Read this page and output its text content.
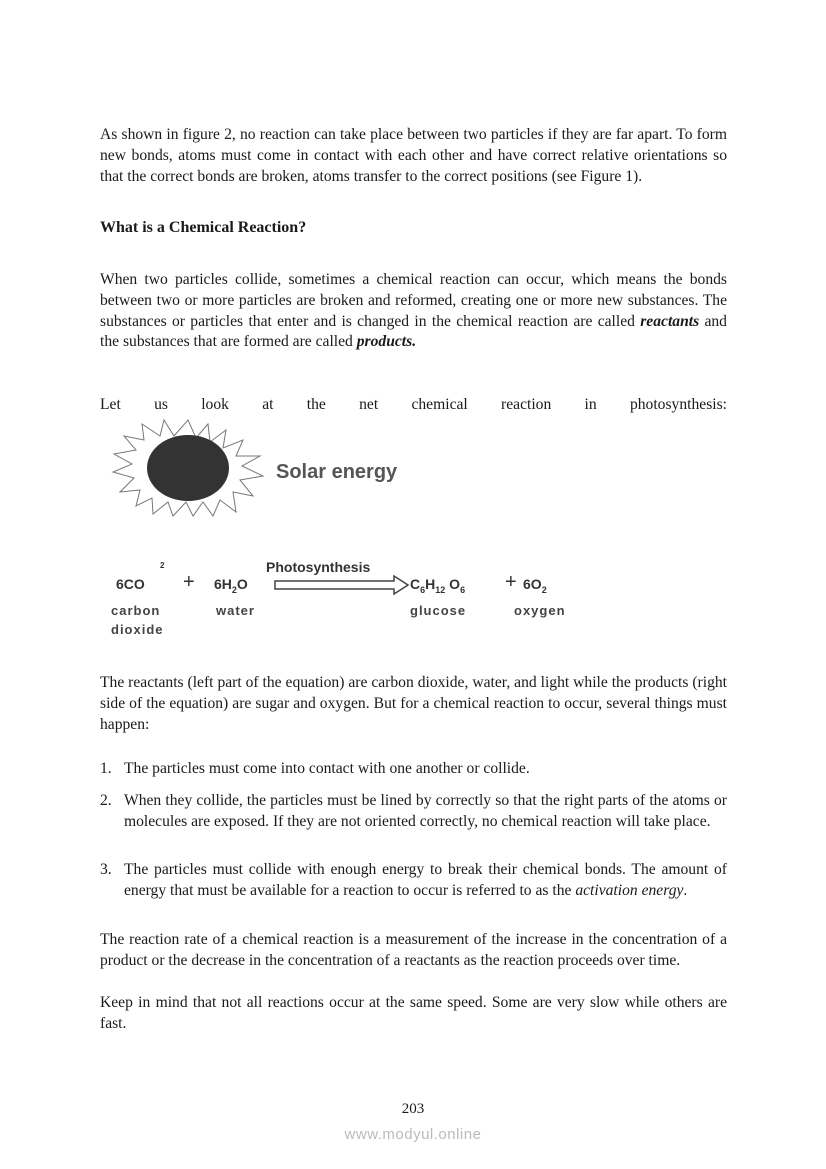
As shown in figure 2, no reaction can take place between two particles if they are far apart. To form new bonds, atoms must come in contact with each other and have correct relative orientations so that the correct bonds are broken, atoms transfer to the correct positions (see Figure 1).
What is a Chemical Reaction?
When two particles collide, sometimes a chemical reaction can occur, which means the bonds between two or more particles are broken and reformed, creating one or more new substances. The substances or particles that enter and is changed in the chemical reaction are called reactants and the substances that are formed are called products.
Let us look at the net chemical reaction in photosynthesis:
Solar energy
Photosynthesis
2
$6CO + 6H_2O$	$C_6H_{12}$ $O_6 + 6O_2$
carbon
dioxide
water	glucose	oxygen
The reactants (left part of the equation) are carbon dioxide, water, and light while the products (right side of the equation) are sugar and oxygen. But for a chemical reaction to occur, several things must happen:
1. The particles must come into contact with one another or collide.
2. When they collide, the particles must be lined by correctly so that the right parts of the atoms or molecules are exposed. If they are not oriented correctly, no chemical reaction will take place.
3. The particles must collide with enough energy to break their chemical bonds. The amount of energy that must be available for a reaction to occur is referred to as the activation energy.
The reaction rate of a chemical reaction is a measurement of the increase in the concentration of a product or the decrease in the concentration of a reactants as the reaction proceeds over time.
Keep in mind that not all reactions occur at the same speed. Some are very slow while others are fast.
203
www.modyul.online
